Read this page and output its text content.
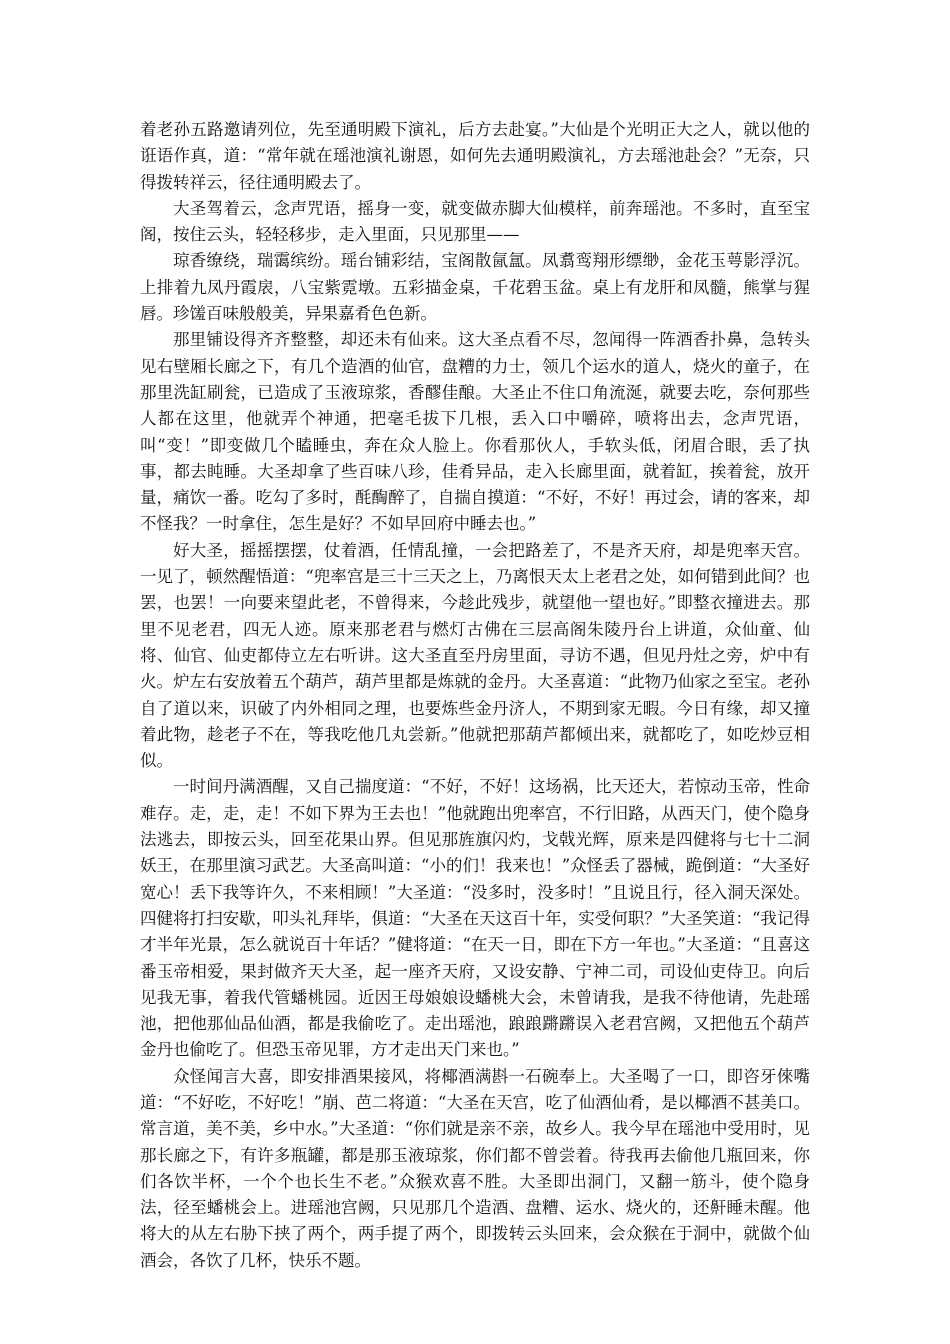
着老孙五路邀请列位，先至通明殿下演礼，后方去赴宴。”大仙是个光明正大之人，就以他的诳语作真，道：“常年就在瑶池演礼谢恩，如何先去通明殿演礼，方去瑶池赴会？”无奈，只得拨转祥云，径往通明殿去了。

大圣驾着云，念声咒语，摇身一变，就变做赤脚大仙模样，前奔瑶池。不多时，直至宝阁，按住云头，轻轻移步，走入里面，只见那里——

琼香缭绕，瑞霭缤纷。瑶台铺彩结，宝阁散氤氲。凤翥鸾翔形缥缈，金花玉萼影浮沉。上排着九凤丹霞扆，八宝紫霓墩。五彩描金桌，千花碧玉盆。桌上有龙肝和凤髓，熊掌与猩唇。珍馐百味般般美，异果嘉肴色色新。

那里铺设得齐齐整整，却还未有仙来。这大圣点看不尽，忽闻得一阵酒香扑鼻，急转头见右壁厢长廊之下，有几个造酒的仙官，盘糟的力士，领几个运水的道人，烧火的童子，在那里洗缸刷瓮，已造成了玉液琼浆，香醪佳酿。大圣止不住口角流涎，就要去吃，奈何那些人都在这里，他就弄个神通，把毫毛拔下几根，丢入口中嚼碎，喷将出去，念声咒语，叫“变！”即变做几个瞌睡虫，奔在众人脸上。你看那伙人，手软头低，闭眉合眼，丢了执事，都去盹睡。大圣却拿了些百味八珍，佳肴异品，走入长廊里面，就着缸，挨着瓮，放开量，痛饮一番。吃勾了多时，酕醄醉了，自揣自摸道：“不好，不好！再过会，请的客来，却不怪我？一时拿住，怎生是好？不如早回府中睡去也。”

好大圣，摇摇摆摆，仗着酒，任情乱撞，一会把路差了，不是齐天府，却是兜率天宫。一见了，顿然醒悟道：“兜率宫是三十三天之上，乃离恨天太上老君之处，如何错到此间？也罢，也罢！一向要来望此老，不曾得来，今趁此残步，就望他一望也好。”即整衣撞进去。那里不见老君，四无人迹。原来那老君与燃灯古佛在三层高阁朱陵丹台上讲道，众仙童、仙将、仙官、仙吏都侍立左右听讲。这大圣直至丹房里面，寻访不遇，但见丹灶之旁，炉中有火。炉左右安放着五个葫芦，葫芦里都是炼就的金丹。大圣喜道：“此物乃仙家之至宝。老孙自了道以来，识破了内外相同之理，也要炼些金丹济人，不期到家无暇。今日有缘，却又撞着此物，趁老子不在，等我吃他几丸尝新。”他就把那葫芦都倾出来，就都吃了，如吃炒豆相似。

一时间丹满酒醒，又自己揣度道：“不好，不好！这场祸，比天还大，若惊动玉帝，性命难存。走，走，走！不如下界为王去也！”他就跑出兜率宫，不行旧路，从西天门，使个隐身法逃去，即按云头，回至花果山界。但见那旌旗闪灼，戈戟光辉，原来是四健将与七十二洞妖王，在那里演习武艺。大圣高叫道：“小的们！我来也！”众怪丢了器械，跪倒道：“大圣好宽心！丢下我等许久，不来相顾！”大圣道：“没多时，没多时！”且说且行，径入洞天深处。四健将打扫安歇，叩头礼拜毕，俱道：“大圣在天这百十年，实受何职？”大圣笑道：“我记得才半年光景，怎么就说百十年话？”健将道：“在天一日，即在下方一年也。”大圣道：“且喜这番玉帝相爱，果封做齐天大圣，起一座齐天府，又设安静、宁神二司，司设仙吏侍卫。向后见我无事，着我代管蟠桃园。近因王母娘娘设蟠桃大会，未曾请我，是我不待他请，先赴瑶池，把他那仙品仙酒，都是我偷吃了。走出瑶池，踉踉蹡蹡误入老君宫阙，又把他五个葫芦金丹也偷吃了。但恐玉帝见罪，方才走出天门来也。”

众怪闻言大喜，即安排酒果接风，将椰酒满斟一石碗奉上。大圣喝了一口，即咨牙倈嘴道：“不好吃，不好吃！”崩、芭二将道：“大圣在天宫，吃了仙酒仙肴，是以椰酒不甚美口。常言道，美不美，乡中水。”大圣道：“你们就是亲不亲，故乡人。我今早在瑶池中受用时，见那长廊之下，有许多瓶罐，都是那玉液琼浆，你们都不曾尝着。待我再去偷他几瓶回来，你们各饮半杯，一个个也长生不老。”众猴欢喜不胜。大圣即出洞门，又翻一筋斗，使个隐身法，径至蟠桃会上。进瑶池宫阙，只见那几个造酒、盘糟、运水、烧火的，还鼾睡未醒。他将大的从左右胁下挟了两个，两手提了两个，即拨转云头回来，会众猴在于洞中，就做个仙酒会，各饮了几杯，快乐不题。
